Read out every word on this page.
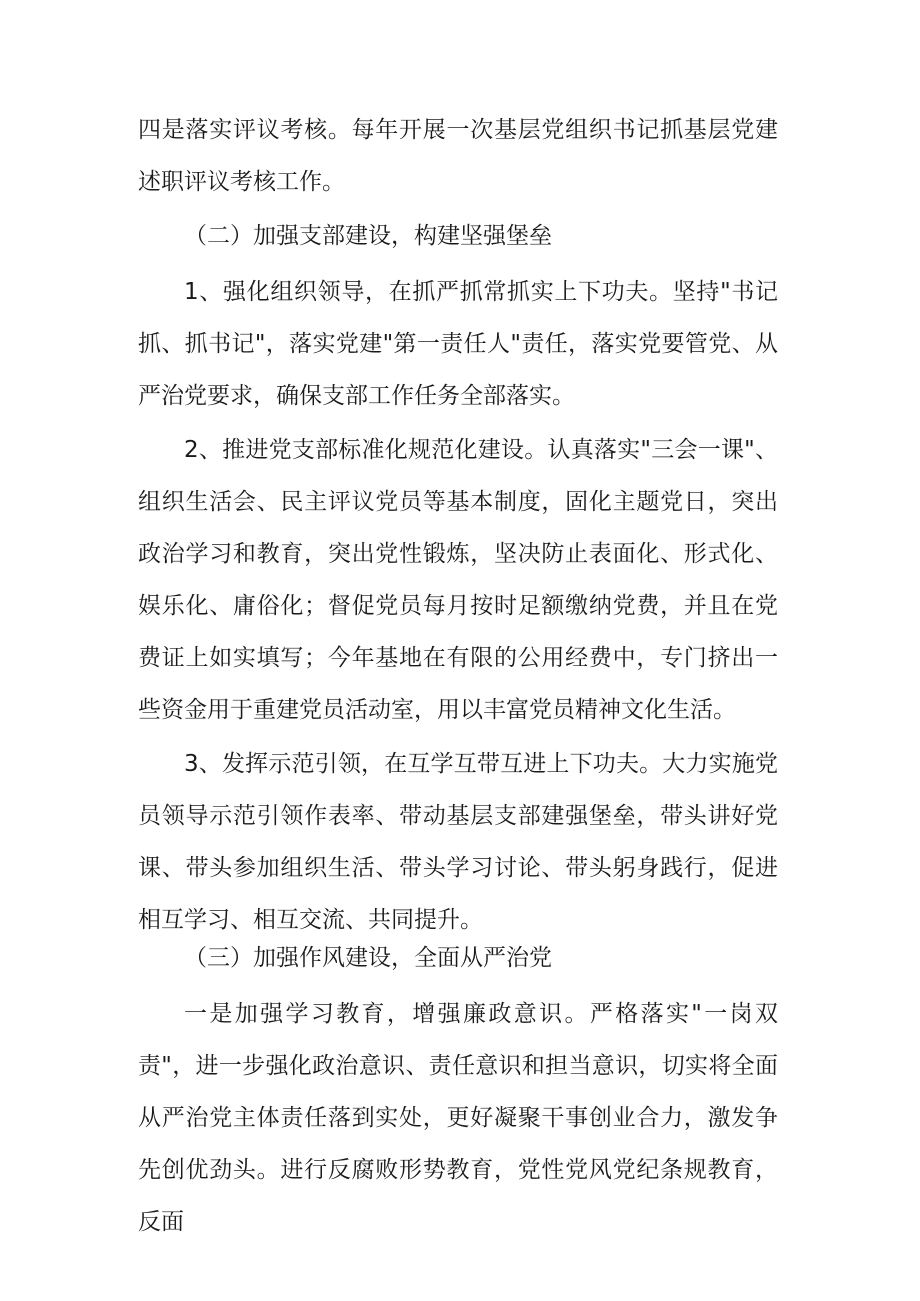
四是落实评议考核。每年开展一次基层党组织书记抓基层党建述职评议考核工作。

（二）加强支部建设，构建坚强堡垒

1、强化组织领导，在抓严抓常抓实上下功夫。坚持"书记抓、抓书记"，落实党建"第一责任人"责任，落实党要管党、从严治党要求，确保支部工作任务全部落实。

2、推进党支部标准化规范化建设。认真落实"三会一课"、组织生活会、民主评议党员等基本制度，固化主题党日，突出政治学习和教育，突出党性锻炼，坚决防止表面化、形式化、娱乐化、庸俗化；督促党员每月按时足额缴纳党费，并且在党费证上如实填写；今年基地在有限的公用经费中，专门挤出一些资金用于重建党员活动室，用以丰富党员精神文化生活。

3、发挥示范引领，在互学互带互进上下功夫。大力实施党员领导示范引领作表率、带动基层支部建强堡垒，带头讲好党课、带头参加组织生活、带头学习讨论、带头躬身践行，促进相互学习、相互交流、共同提升。

（三）加强作风建设，全面从严治党

一是加强学习教育，增强廉政意识。严格落实"一岗双责"，进一步强化政治意识、责任意识和担当意识，切实将全面从严治党主体责任落到实处，更好凝聚干事创业合力，激发争先创优劲头。进行反腐败形势教育，党性党风党纪条规教育，反面
